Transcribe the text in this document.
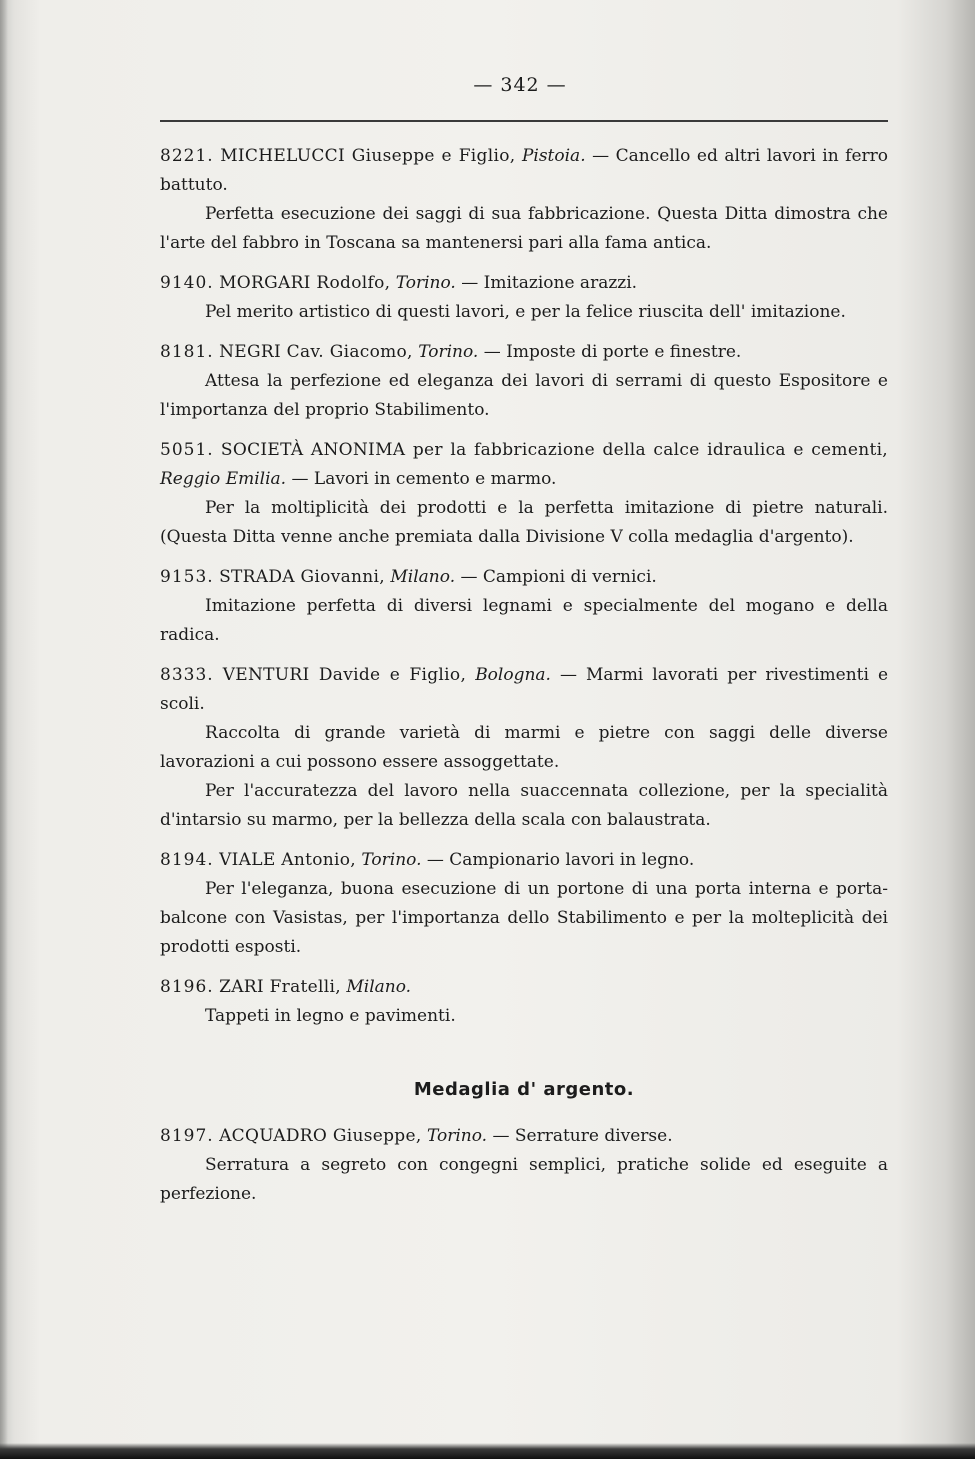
— 342 —

8221. MICHELUCCI Giuseppe e Figlio, Pistoia. — Cancello ed altri lavori in ferro battuto.

Perfetta esecuzione dei saggi di sua fabbricazione. Questa Ditta dimostra che l'arte del fabbro in Toscana sa mantenersi pari alla fama antica.

9140. MORGARI Rodolfo, Torino. — Imitazione arazzi.

Pel merito artistico di questi lavori, e per la felice riuscita dell' imitazione.

8181. NEGRI Cav. Giacomo, Torino. — Imposte di porte e finestre.

Attesa la perfezione ed eleganza dei lavori di serrami di questo Espositore e l'importanza del proprio Stabilimento.

5051. SOCIETÀ ANONIMA per la fabbricazione della calce idraulica e cementi, Reggio Emilia. — Lavori in cemento e marmo.

Per la moltiplicità dei prodotti e la perfetta imitazione di pietre naturali. (Questa Ditta venne anche premiata dalla Divisione V colla medaglia d'argento).

9153. STRADA Giovanni, Milano. — Campioni di vernici.

Imitazione perfetta di diversi legnami e specialmente del mogano e della radica.

8333. VENTURI Davide e Figlio, Bologna. — Marmi lavorati per rivestimenti e scoli.

Raccolta di grande varietà di marmi e pietre con saggi delle diverse lavorazioni a cui possono essere assoggettate.

Per l'accuratezza del lavoro nella suaccennata collezione, per la specialità d'intarsio su marmo, per la bellezza della scala con balaustrata.

8194. VIALE Antonio, Torino. — Campionario lavori in legno.

Per l'eleganza, buona esecuzione di un portone di una porta interna e porta-balcone con Vasistas, per l'importanza dello Stabilimento e per la molteplicità dei prodotti esposti.

8196. ZARI Fratelli, Milano.

Tappeti in legno e pavimenti.

Medaglia d' argento.

8197. ACQUADRO Giuseppe, Torino. — Serrature diverse.

Serratura a segreto con congegni semplici, pratiche solide ed eseguite a perfezione.
